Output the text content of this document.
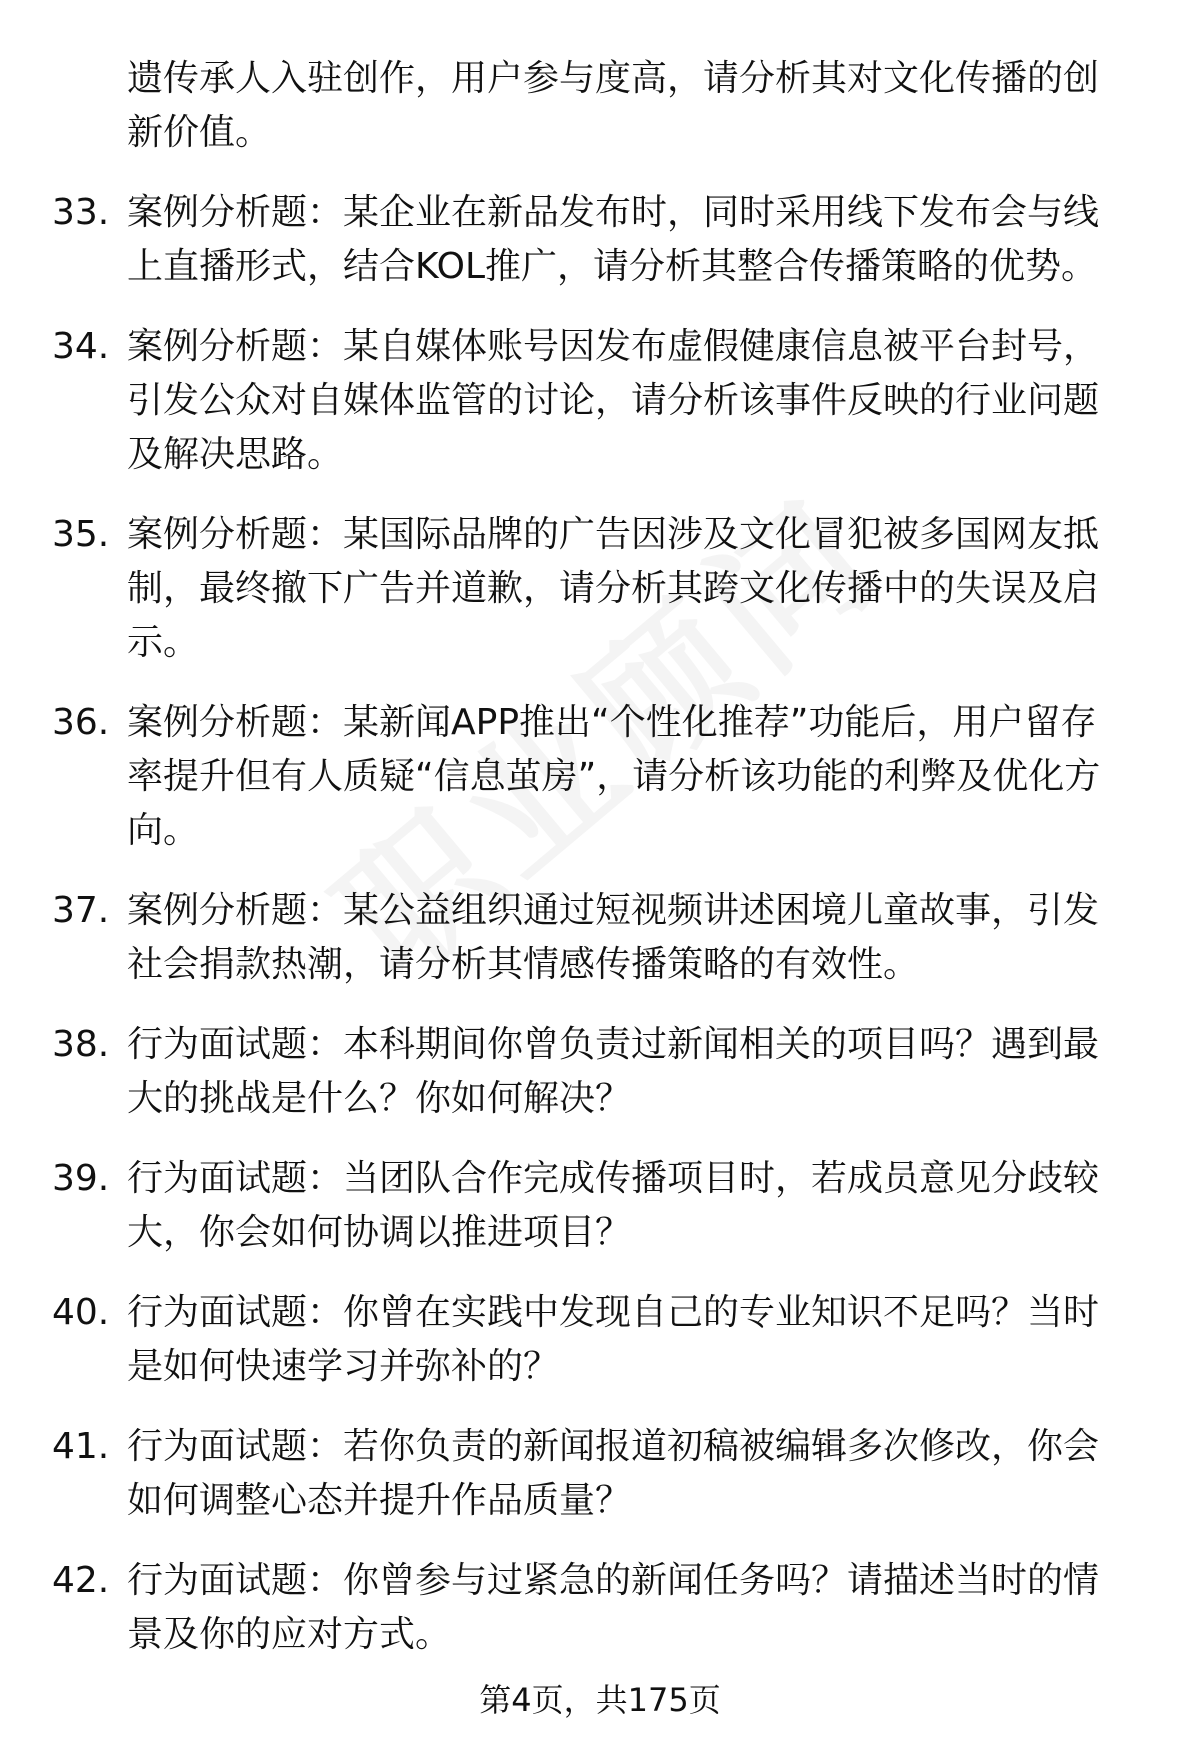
遗传承人入驻创作，用户参与度高，请分析其对文化传播的创新价值。
33. 案例分析题：某企业在新品发布时，同时采用线下发布会与线上直播形式，结合KOL推广，请分析其整合传播策略的优势。
34. 案例分析题：某自媒体账号因发布虚假健康信息被平台封号，引发公众对自媒体监管的讨论，请分析该事件反映的行业问题及解决思路。
35. 案例分析题：某国际品牌的广告因涉及文化冒犯被多国网友抵制，最终撤下广告并道歉，请分析其跨文化传播中的失误及启示。
36. 案例分析题：某新闻APP推出“个性化推荐”功能后，用户留存率提升但有人质疑“信息茧房”，请分析该功能的利弊及优化方向。
37. 案例分析题：某公益组织通过短视频讲述困境儿童故事，引发社会捐款热潮，请分析其情感传播策略的有效性。
38. 行为面试题：本科期间你曾负责过新闻相关的项目吗？遇到最大的挑战是什么？你如何解决？
39. 行为面试题：当团队合作完成传播项目时，若成员意见分歧较大，你会如何协调以推进项目？
40. 行为面试题：你曾在实践中发现自己的专业知识不足吗？当时是如何快速学习并弥补的？
41. 行为面试题：若你负责的新闻报道初稿被编辑多次修改，你会如何调整心态并提升作品质量？
42. 行为面试题：你曾参与过紧急的新闻任务吗？请描述当时的情景及你的应对方式。
第4页，共175页
